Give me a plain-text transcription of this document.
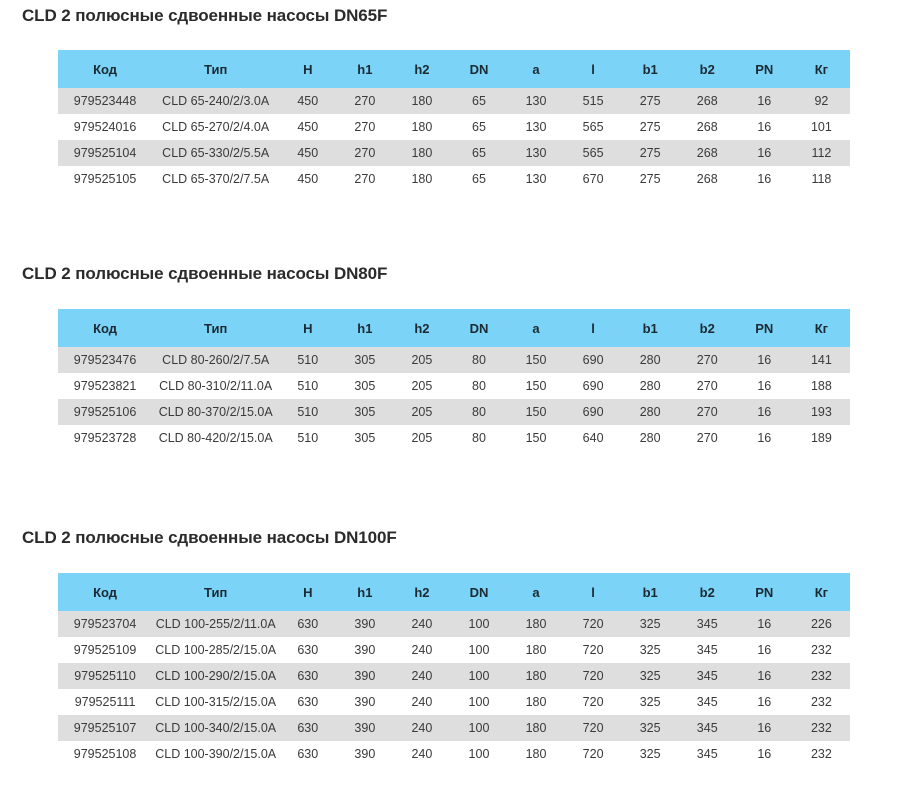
CLD 2 полюсные сдвоенные насосы DN65F
Код	Тип	H	h1	h2	DN	a	l	b1	b2	PN	Кг
979523448	CLD 65-240/2/3.0A	450	270	180	65	130	515	275	268	16	92
979524016	CLD 65-270/2/4.0A	450	270	180	65	130	565	275	268	16	101
979525104	CLD 65-330/2/5.5A	450	270	180	65	130	565	275	268	16	112
979525105	CLD 65-370/2/7.5A	450	270	180	65	130	670	275	268	16	118
CLD 2 полюсные сдвоенные насосы DN80F
Код	Тип	H	h1	h2	DN	a	l	b1	b2	PN	Кг
979523476	CLD 80-260/2/7.5A	510	305	205	80	150	690	280	270	16	141
979523821	CLD 80-310/2/11.0A	510	305	205	80	150	690	280	270	16	188
979525106	CLD 80-370/2/15.0A	510	305	205	80	150	690	280	270	16	193
979523728	CLD 80-420/2/15.0A	510	305	205	80	150	640	280	270	16	189
CLD 2 полюсные сдвоенные насосы DN100F
Код	Тип	H	h1	h2	DN	a	l	b1	b2	PN	Кг
979523704	CLD 100-255/2/11.0A	630	390	240	100	180	720	325	345	16	226
979525109	CLD 100-285/2/15.0A	630	390	240	100	180	720	325	345	16	232
979525110	CLD 100-290/2/15.0A	630	390	240	100	180	720	325	345	16	232
979525111	CLD 100-315/2/15.0A	630	390	240	100	180	720	325	345	16	232
979525107	CLD 100-340/2/15.0A	630	390	240	100	180	720	325	345	16	232
979525108	CLD 100-390/2/15.0A	630	390	240	100	180	720	325	345	16	232
